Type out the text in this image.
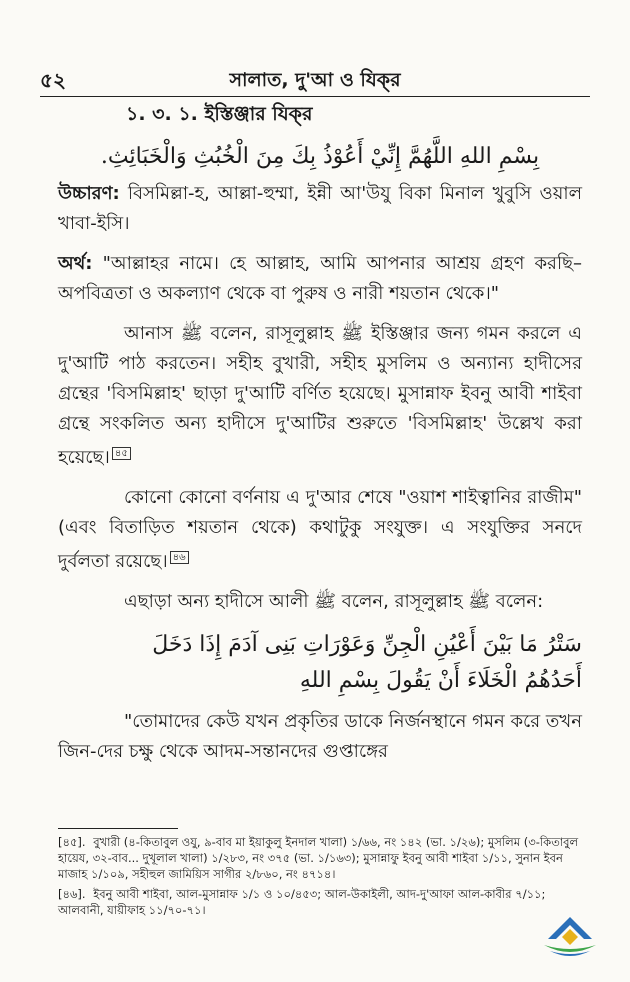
৫২	সালাত, দু'আ ও যিক্‌র
১. ৩. ১. ইস্তিঞ্জার যিক্‌র
بِسْمِ اللهِ اللَّهُمَّ إِنِّيْ أَعُوْذُ بِكَ مِنَ الْخُبُثِ وَالْخَبَائِثِ.

উচ্চারণ: বিসমিল্লা-হ, আল্লা-হুম্মা, ইন্নী আ'উযু বিকা মিনাল খুবুসি ওয়াল খাবা-ইসি।

অর্থ: "আল্লাহর নামে। হে আল্লাহ, আমি আপনার আশ্রয় গ্রহণ করছি– অপবিত্রতা ও অকল্যাণ থেকে বা পুরুষ ও নারী শয়তান থেকে।"

আনাস ﷺ বলেন, রাসূলুল্লাহ ﷺ ইস্তিঞ্জার জন্য গমন করলে এ দু'আটি পাঠ করতেন। সহীহ বুখারী, সহীহ মুসলিম ও অন্যান্য হাদীসের গ্রন্থের 'বিসমিল্লাহ' ছাড়া দু'আটি বর্ণিত হয়েছে। মুসান্নাফ ইবনু আবী শাইবা গ্রন্থে সংকলিত অন্য হাদীসে দু'আটির শুরুতে 'বিসমিল্লাহ' উল্লেখ করা হয়েছে। $^{৪৫}$

কোনো কোনো বর্ণনায় এ দু'আর শেষে "ওয়াশ শাইত্বানির রাজীম" (এবং বিতাড়িত শয়তান থেকে) কথাটুকু সংযুক্ত। এ সংযুক্তির সনদে দুর্বলতা রয়েছে। $^{৪৬}$

এছাড়া অন্য হাদীসে আলী ﷺ বলেন, রাসূলুল্লাহ ﷺ বলেন:

سَتْرُ مَا بَيْنَ أَعْيُنِ الْجِنِّ وَعَوْرَاتِ بَنِى آدَمَ إِذَا دَخَلَ
أَحَدُهُمُ الْخَلَاءَ أَنْ يَقُولَ بِسْمِ اللهِ

"তোমাদের কেউ যখন প্রকৃতির ডাকে নির্জনস্থানে গমন করে তখন জিন-দের চক্ষু থেকে আদম-সন্তানদের গুপ্তাঙ্গের

[৪৫]. বুখারী (৪-কিতাবুল ওযু, ৯-বাব মা ইয়াকুলু ইনদাল খালা) ১/৬৬, নং ১৪২ (ভা. ১/২৬); মুসলিম (৩-কিতাবুল হায়েয, ৩২-বাব... দুখূলাল খালা) ১/২৮৩, নং ৩৭৫ (ভা. ১/১৬৩); মুসান্নাফু ইবনু আবী শাইবা ১/১১, সুনান ইবন মাজাহ ১/১০৯, সহীহুল জামিয়িস সাগীর ২/৮৬০, নং ৪৭১৪।
[৪৬]. ইবনু আবী শাইবা, আল-মুসান্নাফ ১/১ ও ১০/৪৫৩; আল-উকাইলী, আদ-দু'আফা আল-কাবীর ৭/১১; আলবানী, যায়ীফাহ ১১/৭০-৭১।
